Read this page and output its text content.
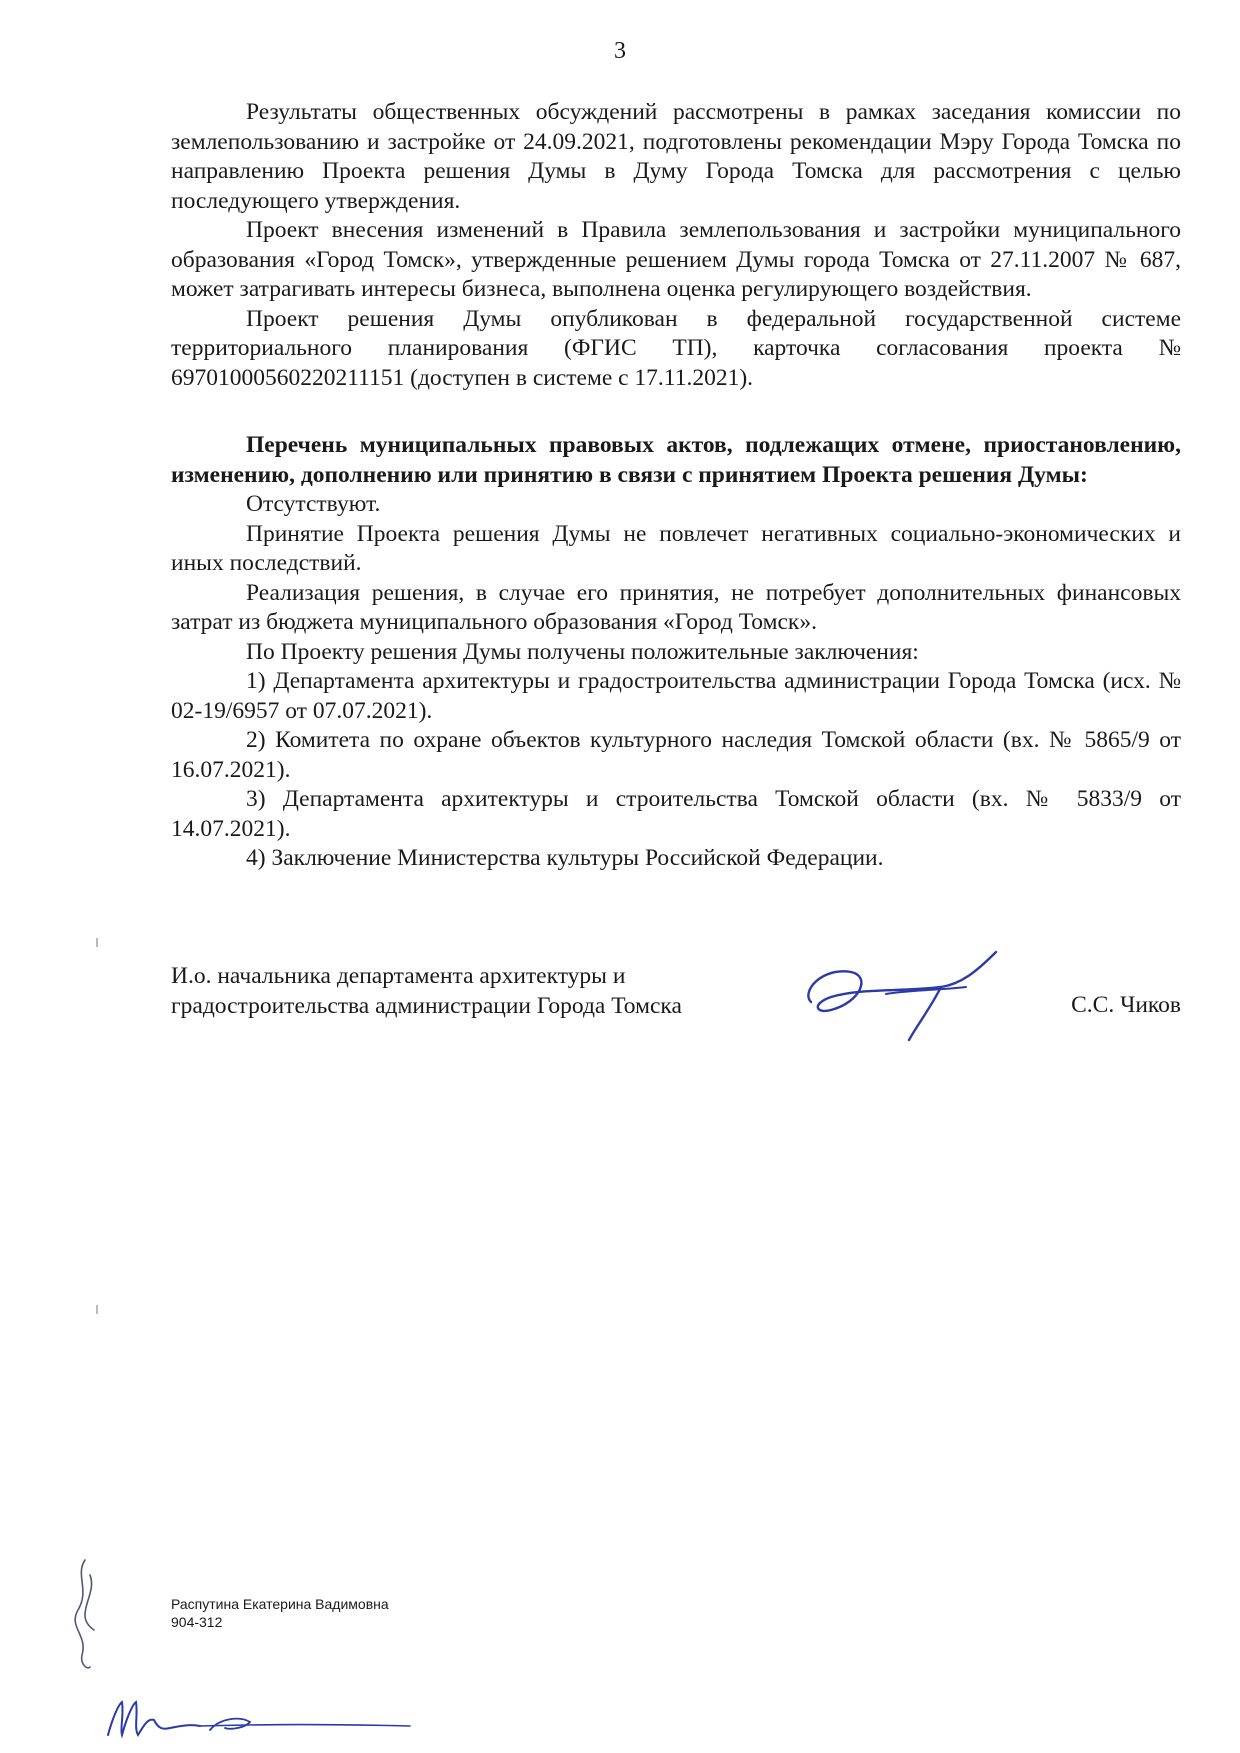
3

Результаты общественных обсуждений рассмотрены в рамках заседания комиссии по землепользованию и застройке от 24.09.2021, подготовлены рекомендации Мэру Города Томска по направлению Проекта решения Думы в Думу Города Томска для рассмотрения с целью последующего утверждения.

Проект внесения изменений в Правила землепользования и застройки муниципального образования «Город Томск», утвержденные решением Думы города Томска от 27.11.2007 № 687, может затрагивать интересы бизнеса, выполнена оценка регулирующего воздействия.

Проект решения Думы опубликован в федеральной государственной системе территориального планирования (ФГИС ТП), карточка согласования проекта № 69701000560220211151 (доступен в системе с 17.11.2021).

Перечень муниципальных правовых актов, подлежащих отмене, приостановлению, изменению, дополнению или принятию в связи с принятием Проекта решения Думы:

Отсутствуют.

Принятие Проекта решения Думы не повлечет негативных социально-экономических и иных последствий.

Реализация решения, в случае его принятия, не потребует дополнительных финансовых затрат из бюджета муниципального образования «Город Томск».

По Проекту решения Думы получены положительные заключения:

1) Департамента архитектуры и градостроительства администрации Города Томска (исх. № 02-19/6957 от 07.07.2021).

2) Комитета по охране объектов культурного наследия Томской области (вх. № 5865/9 от 16.07.2021).

3) Департамента архитектуры и строительства Томской области (вх. № 5833/9 от 14.07.2021).

4) Заключение Министерства культуры Российской Федерации.

И.о. начальника департамента архитектуры и
градостроительства администрации Города Томска	С.С. Чиков
Распутина Екатерина Вадимовна
904-312
